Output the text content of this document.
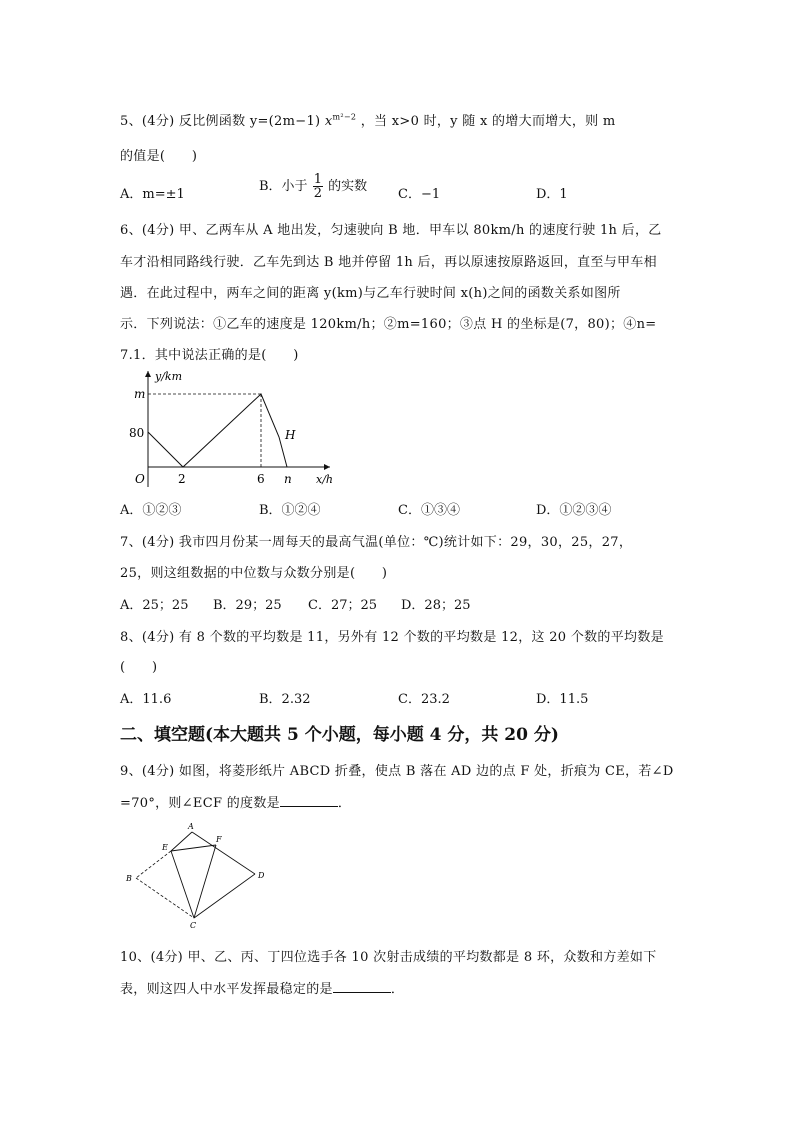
5、(4分) 反比例函数 y=(2m−1) $x^{m^2-2}$ ，当 x>0 时，y 随 x 的增大而增大，则 m
的值是(　　)
A．m=±1
B．小于 $\frac{1}{2}$ 的实数
C．−1	D．1
6、(4分) 甲、乙两车从 A 地出发，匀速驶向 B 地．甲车以 80km/h 的速度行驶 1h 后，乙
车才沿相同路线行驶．乙车先到达 B 地并停留 1h 后，再以原速按原路返回，直至与甲车相
遇．在此过程中，两车之间的距离 y(km)与乙车行驶时间 x(h)之间的函数关系如图所
示．下列说法：①乙车的速度是 120km/h；②m=160；③点 H 的坐标是(7，80)；④n=
7.1．其中说法正确的是(　　)
y/km
m
80
O	2	6 n
H
x/h
A．①②③	B．①②④	C．①③④	D．①②③④
7、(4分) 我市四月份某一周每天的最高气温(单位：℃)统计如下：29，30，25，27，
25，则这组数据的中位数与众数分别是(　　)
A．25；25 B．29；25 C．27；25 D．28；25
8、(4分) 有 8 个数的平均数是 11，另外有 12 个数的平均数是 12，这 20 个数的平均数是
(　　)
A．11.6	B．2.32	C．23.2	D．11.5
二、填空题(本大题共 5 个小题，每小题 4 分，共 20 分)
9、(4分) 如图，将菱形纸片 ABCD 折叠，使点 B 落在 AD 边的点 F 处，折痕为 CE，若∠D
=70°，则∠ECF 的度数是	．
A
B
C
D
E
F
10、(4分) 甲、乙、丙、丁四位选手各 10 次射击成绩的平均数都是 8 环，众数和方差如下
表，则这四人中水平发挥最稳定的是	．
